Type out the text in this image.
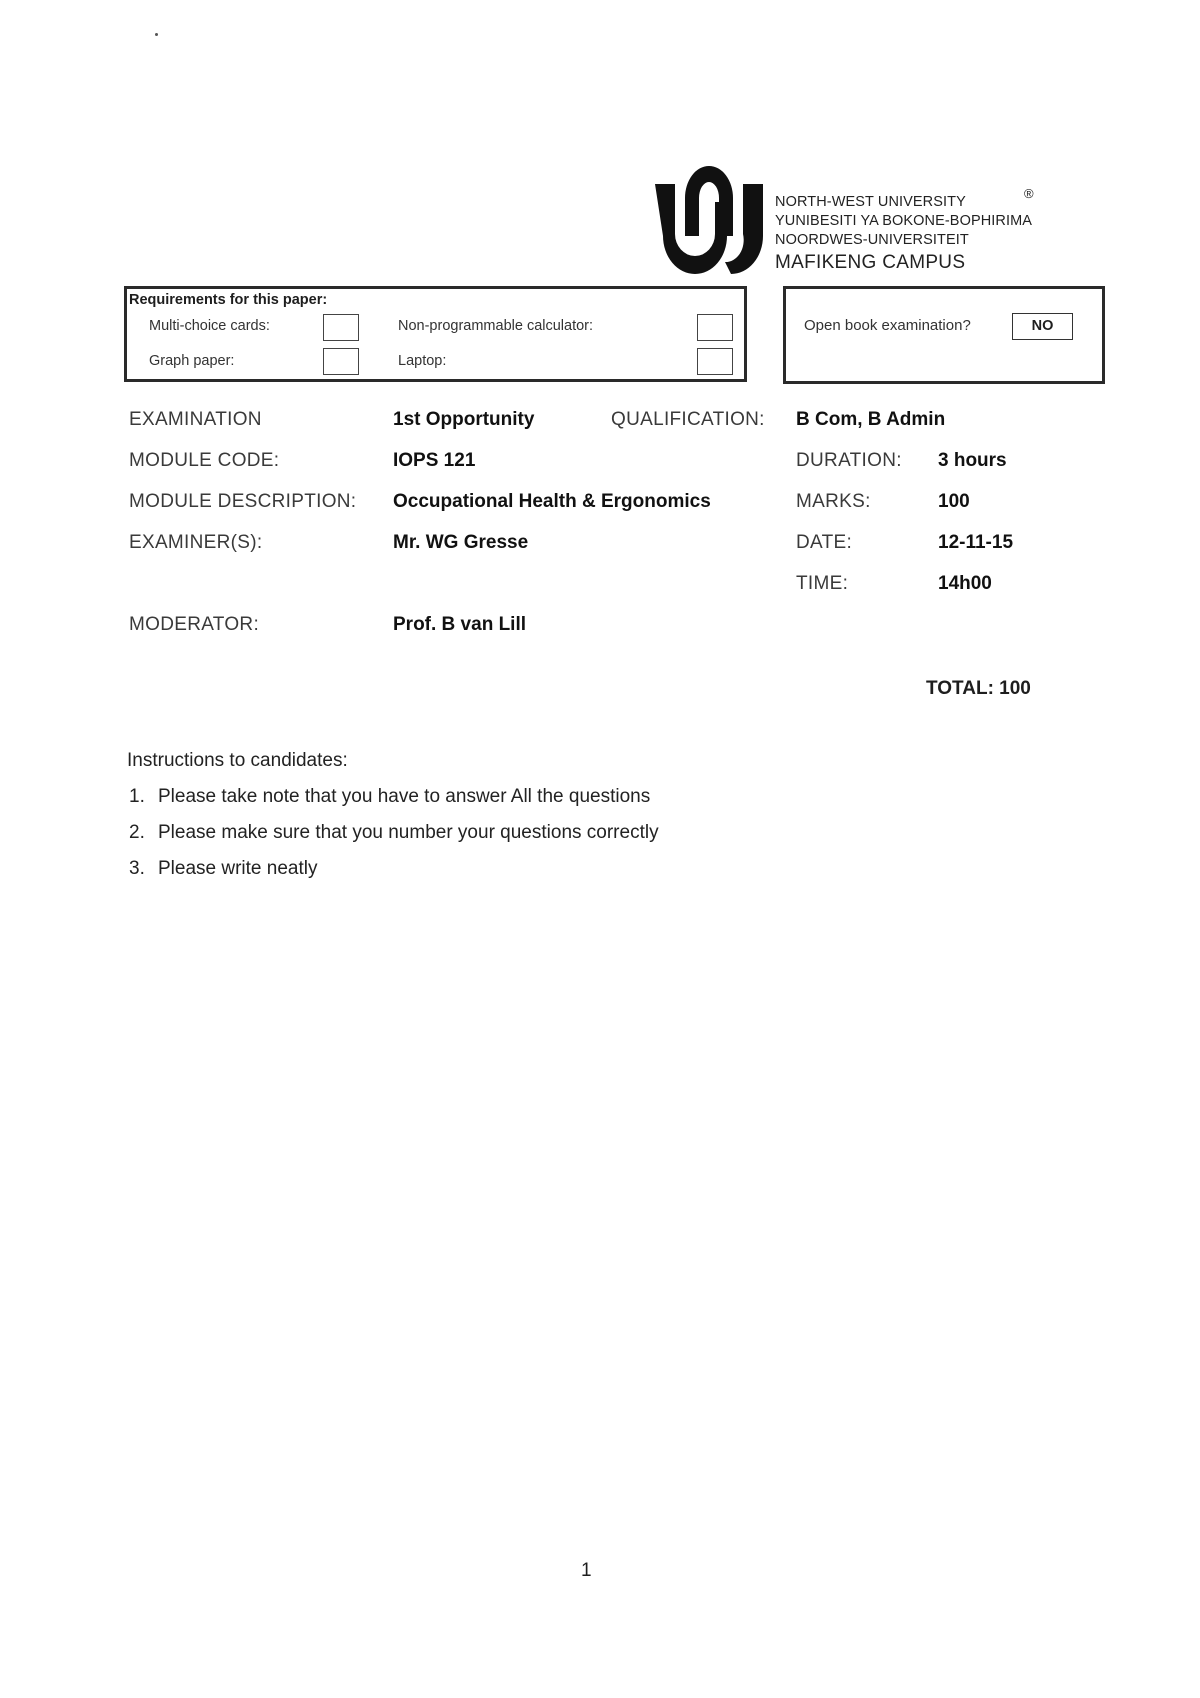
NORTH-WEST UNIVERSITY
YUNIBESITI YA BOKONE-BOPHIRIMA
NOORDWES-UNIVERSITEIT
MAFIKENG CAMPUS
®
Requirements for this paper:
Multi-choice cards:	Non-programmable calculator:
Graph paper:	Laptop:
Open book examination?	NO
EXAMINATION	1st Opportunity	QUALIFICATION: B Com, B Admin
MODULE CODE:	IOPS 121	DURATION: 3 hours
MODULE DESCRIPTION: Occupational Health & Ergonomics	MARKS:	100
EXAMINER(S):	Mr. WG Gresse	DATE:	12-11-15
TIME:	14h00
MODERATOR:	Prof. B van Lill
TOTAL: 100
Instructions to candidates:
1. Please take note that you have to answer All the questions
2. Please make sure that you number your questions correctly
3. Please write neatly
1
